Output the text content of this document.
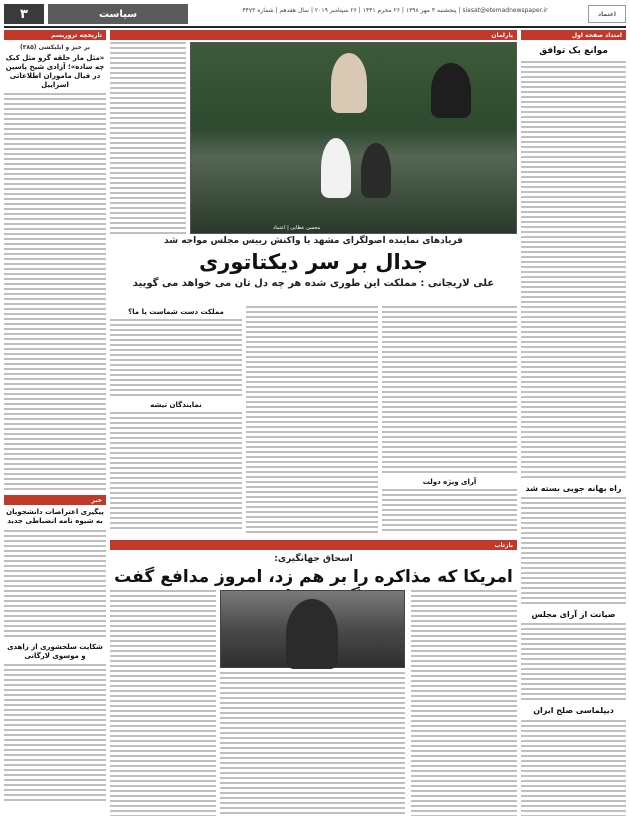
۳	سیاست	siasat@etemadnewspaper.ir | پنجشنبه ۴ مهر ۱۳۹۸ | ۲۶ محرم ۱۴۴۱ | ۲۶ سپتامبر ۲۰۱۹ | سال هفدهم | شماره ۴۴۷۳	اعتماد
امتداد صفحه اول
موانع یک توافق
راه بهانه جویی بسته شد
صیانت از آرای مجلس
دیپلماسی صلح ایران
پارلمان
محسن عطایی | اعتماد
فریادهای نماینده اصولگرای مشهد با واکنش رییس مجلس مواجه شد
جدال بر سر دیکتاتوری
علی لاریجانی : مملکت این طوری شده هر چه دل تان می خواهد می گویید
آرای ویژه دولت
مملکت دست شماست یا ما؟
نمایندگان تیشه
بازتاب
اسحاق جهانگیری:
امریکا که مذاکره را بر هم زد، امروز مدافع گفت
تاریخچه تروریسم
بر خیز و ابلیکشی (۳۸۵)
«مثل مار حلقه گرو مثل کبک چه ساده»؛ آزادی شیخ یاسین در قبال ماموران اطلاعاتی اسراییل
خبر
پیگیری اعتراضات دانشجویان به شیوه نامه انضباطی جدید
شکایت سلحشوری از زاهدی و موسوی لارگانی
